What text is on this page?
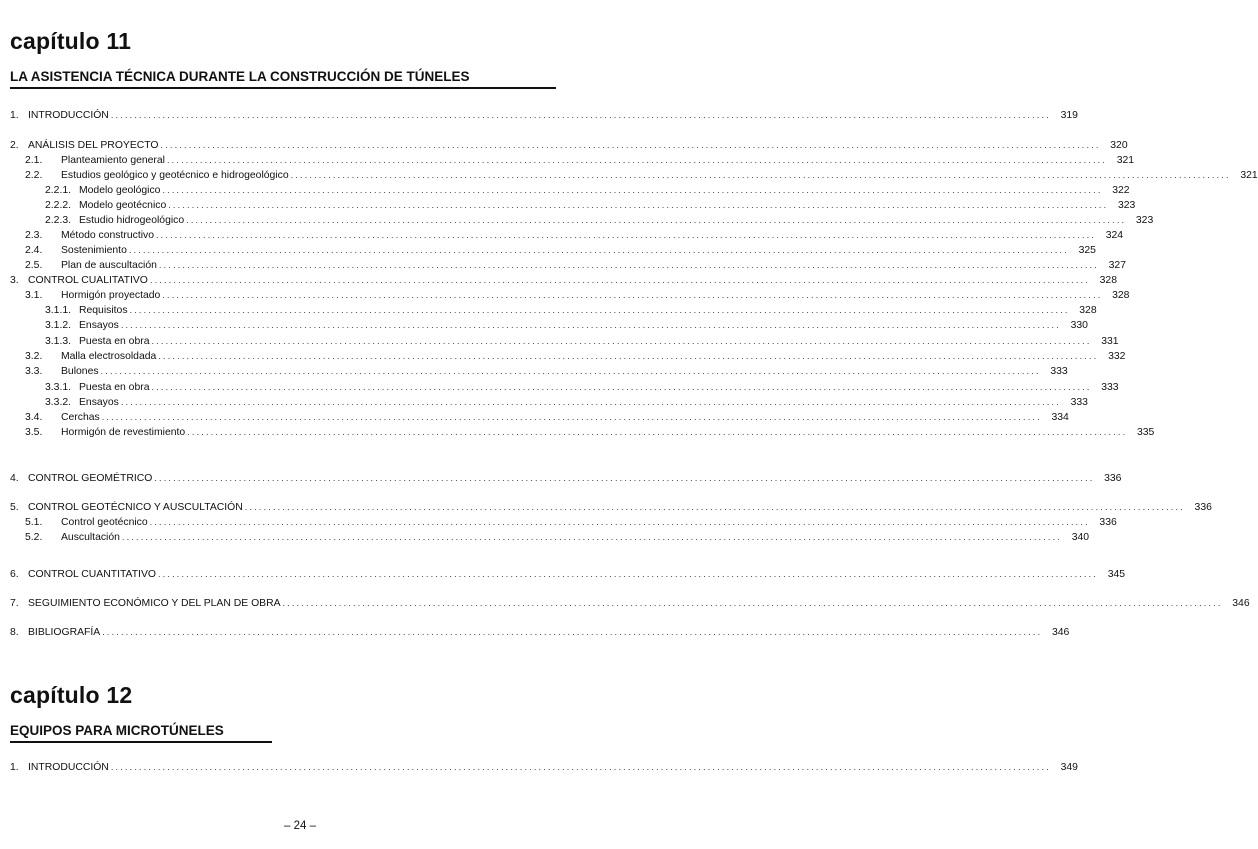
capítulo 11
LA ASISTENCIA TÉCNICA DURANTE LA CONSTRUCCIÓN DE TÚNELES
1. INTRODUCCIÓN ........................................................................................................................................................................................................ 319
2. ANÁLISIS DEL PROYECTO ........................................................................................................................................................................................................ 320
2.1.	Planteamiento general ........................................................................................................................................................................................................ 321
2.2.	Estudios geológico y geotécnico e hidrogeológico ........................................................................................................................................................................................................ 321
2.2.1. Modelo geológico ........................................................................................................................................................................................................ 322
2.2.2. Modelo geotécnico ........................................................................................................................................................................................................ 323
2.2.3. Estudio hidrogeológico ........................................................................................................................................................................................................ 323
2.3.	Método constructivo ........................................................................................................................................................................................................ 324
2.4.	Sostenimiento ........................................................................................................................................................................................................ 325
2.5.	Plan de auscultación ........................................................................................................................................................................................................ 327
3. CONTROL CUALITATIVO ........................................................................................................................................................................................................ 328
3.1.	Hormigón proyectado ........................................................................................................................................................................................................ 328
3.1.1. Requisitos ........................................................................................................................................................................................................ 328
3.1.2. Ensayos ........................................................................................................................................................................................................ 330
3.1.3. Puesta en obra ........................................................................................................................................................................................................ 331
3.2.	Malla electrosoldada ........................................................................................................................................................................................................ 332
3.3.	Bulones ........................................................................................................................................................................................................ 333
3.3.1. Puesta en obra ........................................................................................................................................................................................................ 333
3.3.2. Ensayos ........................................................................................................................................................................................................ 333
3.4.	Cerchas ........................................................................................................................................................................................................ 334
3.5.	Hormigón de revestimiento ........................................................................................................................................................................................................ 335
4. CONTROL GEOMÉTRICO ........................................................................................................................................................................................................ 336
5. CONTROL GEOTÉCNICO Y AUSCULTACIÓN ........................................................................................................................................................................................................ 336
5.1.	Control geotécnico ........................................................................................................................................................................................................ 336
5.2.	Auscultación ........................................................................................................................................................................................................ 340
6. CONTROL CUANTITATIVO ........................................................................................................................................................................................................ 345
7. SEGUIMIENTO ECONÓMICO Y DEL PLAN DE OBRA ........................................................................................................................................................................................................ 346
8. BIBLIOGRAFÍA ........................................................................................................................................................................................................ 346
capítulo 12
EQUIPOS PARA MICROTÚNELES
1. INTRODUCCIÓN ........................................................................................................................................................................................................ 349
– 24 –
